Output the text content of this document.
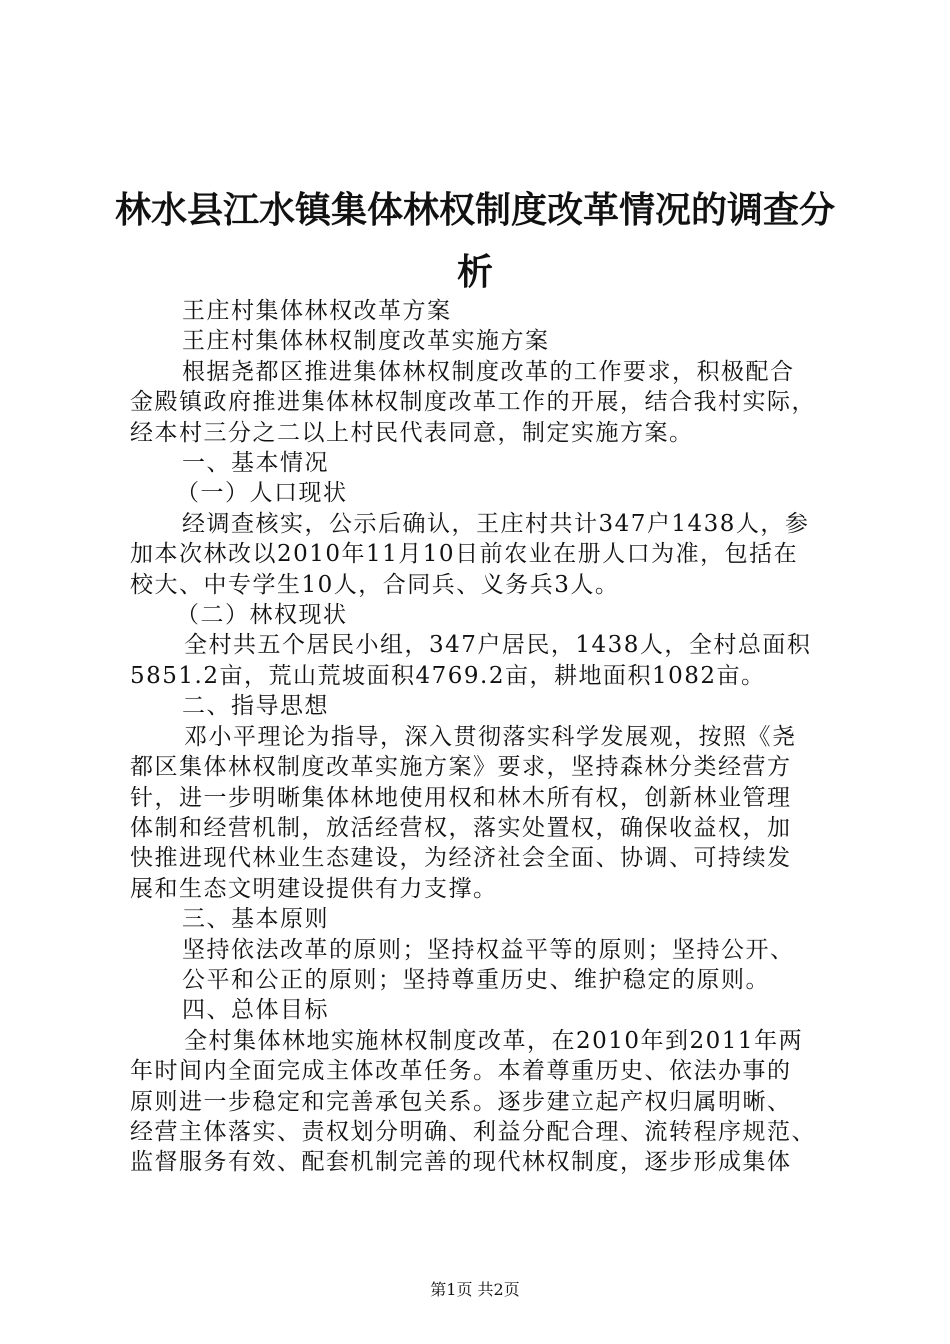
林水县江水镇集体林权制度改革情况的调查分析

王庄村集体林权改革方案

王庄村集体林权制度改革实施方案

根据尧都区推进集体林权制度改革的工作要求，积极配合

金殿镇政府推进集体林权制度改革工作的开展，结合我村实际，

经本村三分之二以上村民代表同意，制定实施方案。

一、基本情况

（一）人口现状

经调查核实，公示后确认，王庄村共计347户1438人，参

加本次林改以2010年11月10日前农业在册人口为准，包括在

校大、中专学生10人，合同兵、义务兵3人。

（二）林权现状

全村共五个居民小组，347户居民，1438人，全村总面积

5851.2亩，荒山荒坡面积4769.2亩，耕地面积1082亩。

二、指导思想

邓小平理论为指导，深入贯彻落实科学发展观，按照《尧

都区集体林权制度改革实施方案》要求，坚持森林分类经营方

针，进一步明晰集体林地使用权和林木所有权，创新林业管理

体制和经营机制，放活经营权，落实处置权，确保收益权，加

快推进现代林业生态建设，为经济社会全面、协调、可持续发

展和生态文明建设提供有力支撑。

三、基本原则

坚持依法改革的原则；坚持权益平等的原则；坚持公开、

公平和公正的原则；坚持尊重历史、维护稳定的原则。

四、总体目标

全村集体林地实施林权制度改革，在2010年到2011年两

年时间内全面完成主体改革任务。本着尊重历史、依法办事的

原则进一步稳定和完善承包关系。逐步建立起产权归属明晰、

经营主体落实、责权划分明确、利益分配合理、流转程序规范、

监督服务有效、配套机制完善的现代林权制度，逐步形成集体

第1页 共2页
